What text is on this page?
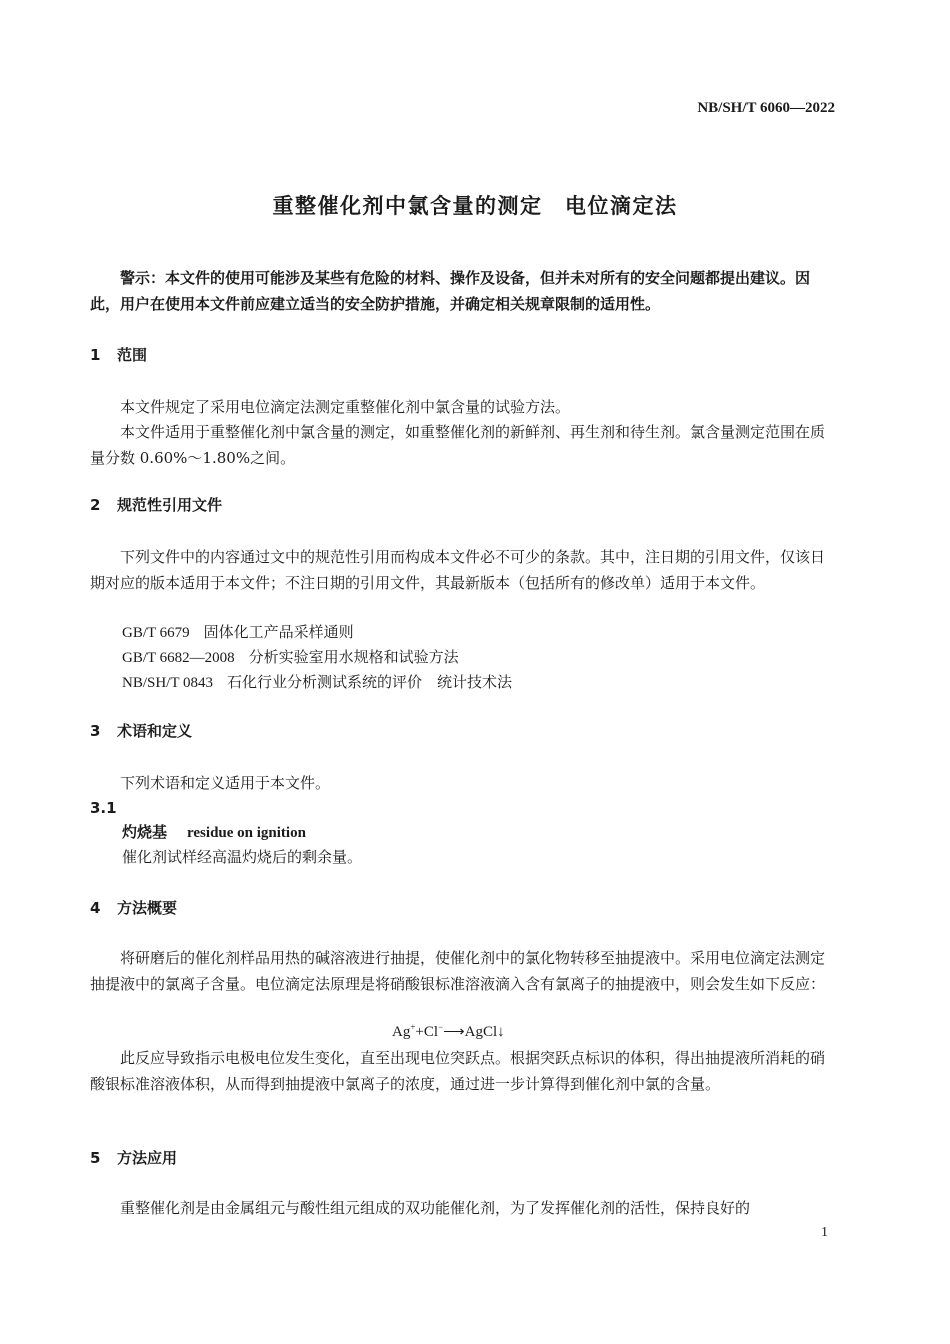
NB/SH/T 6060—2022
重整催化剂中氯含量的测定　电位滴定法
警示：本文件的使用可能涉及某些有危险的材料、操作及设备，但并未对所有的安全问题都提出建议。因此，用户在使用本文件前应建立适当的安全防护措施，并确定相关规章限制的适用性。
1 范围
本文件规定了采用电位滴定法测定重整催化剂中氯含量的试验方法。
本文件适用于重整催化剂中氯含量的测定，如重整催化剂的新鲜剂、再生剂和待生剂。氯含量测定范围在质量分数 0.60%～1.80%之间。
2 规范性引用文件
下列文件中的内容通过文中的规范性引用而构成本文件必不可少的条款。其中，注日期的引用文件，仅该日期对应的版本适用于本文件；不注日期的引用文件，其最新版本（包括所有的修改单）适用于本文件。
GB/T 6679 固体化工产品采样通则
GB/T 6682—2008 分析实验室用水规格和试验方法
NB/SH/T 0843 石化行业分析测试系统的评价　统计技术法
3 术语和定义
下列术语和定义适用于本文件。
3.1
灼烧基 residue on ignition
催化剂试样经高温灼烧后的剩余量。
4 方法概要
将研磨后的催化剂样品用热的碱溶液进行抽提，使催化剂中的氯化物转移至抽提液中。采用电位滴定法测定抽提液中的氯离子含量。电位滴定法原理是将硝酸银标准溶液滴入含有氯离子的抽提液中，则会发生如下反应：
Ag++Cl−⟶AgCl↓
此反应导致指示电极电位发生变化，直至出现电位突跃点。根据突跃点标识的体积，得出抽提液所消耗的硝酸银标准溶液体积，从而得到抽提液中氯离子的浓度，通过进一步计算得到催化剂中氯的含量。
5 方法应用
重整催化剂是由金属组元与酸性组元组成的双功能催化剂，为了发挥催化剂的活性，保持良好的
1
